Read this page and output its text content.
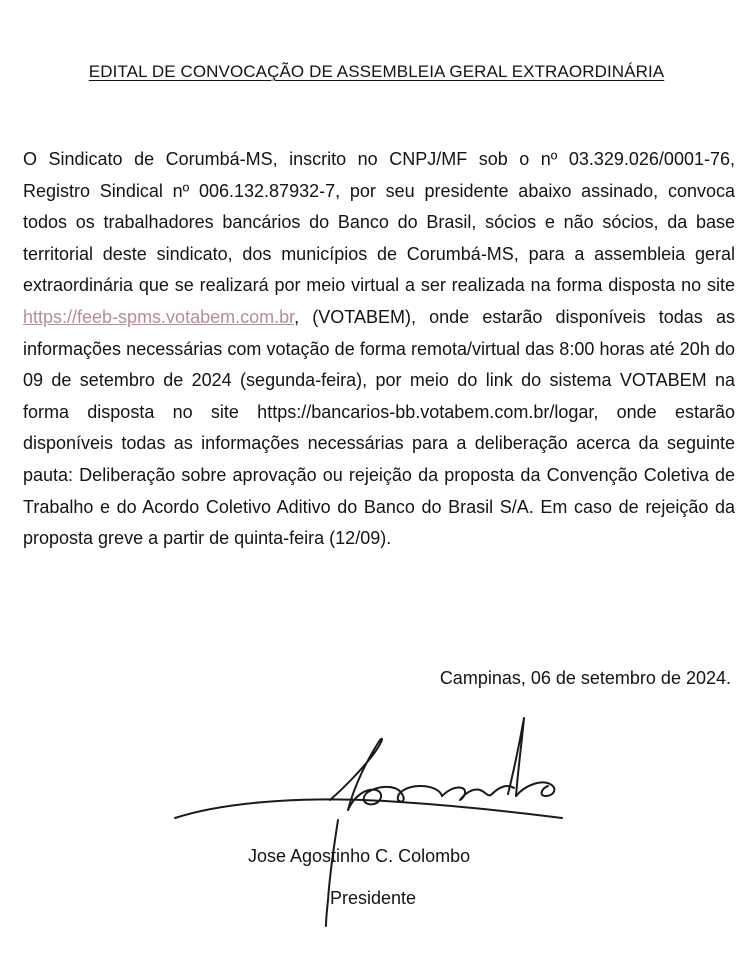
EDITAL DE CONVOCAÇÃO DE ASSEMBLEIA GERAL EXTRAORDINÁRIA

O Sindicato de Corumbá-MS, inscrito no CNPJ/MF sob o nº 03.329.026/0001-76, Registro Sindical nº 006.132.87932-7, por seu presidente abaixo assinado, convoca todos os trabalhadores bancários do Banco do Brasil, sócios e não sócios, da base territorial deste sindicato, dos municípios de Corumbá-MS, para a assembleia geral extraordinária que se realizará por meio virtual a ser realizada na forma disposta no site https://feeb-spms.votabem.com.br, (VOTABEM), onde estarão disponíveis todas as informações necessárias com votação de forma remota/virtual das 8:00 horas até 20h do 09 de setembro de 2024 (segunda-feira), por meio do link do sistema VOTABEM na forma disposta no site https://bancarios-bb.votabem.com.br/logar, onde estarão disponíveis todas as informações necessárias para a deliberação acerca da seguinte pauta: Deliberação sobre aprovação ou rejeição da proposta da Convenção Coletiva de Trabalho e do Acordo Coletivo Aditivo do Banco do Brasil S/A. Em caso de rejeição da proposta greve a partir de quinta-feira (12/09).

Campinas, 06 de setembro de 2024.
Jose Agostinho C. Colombo
Presidente
